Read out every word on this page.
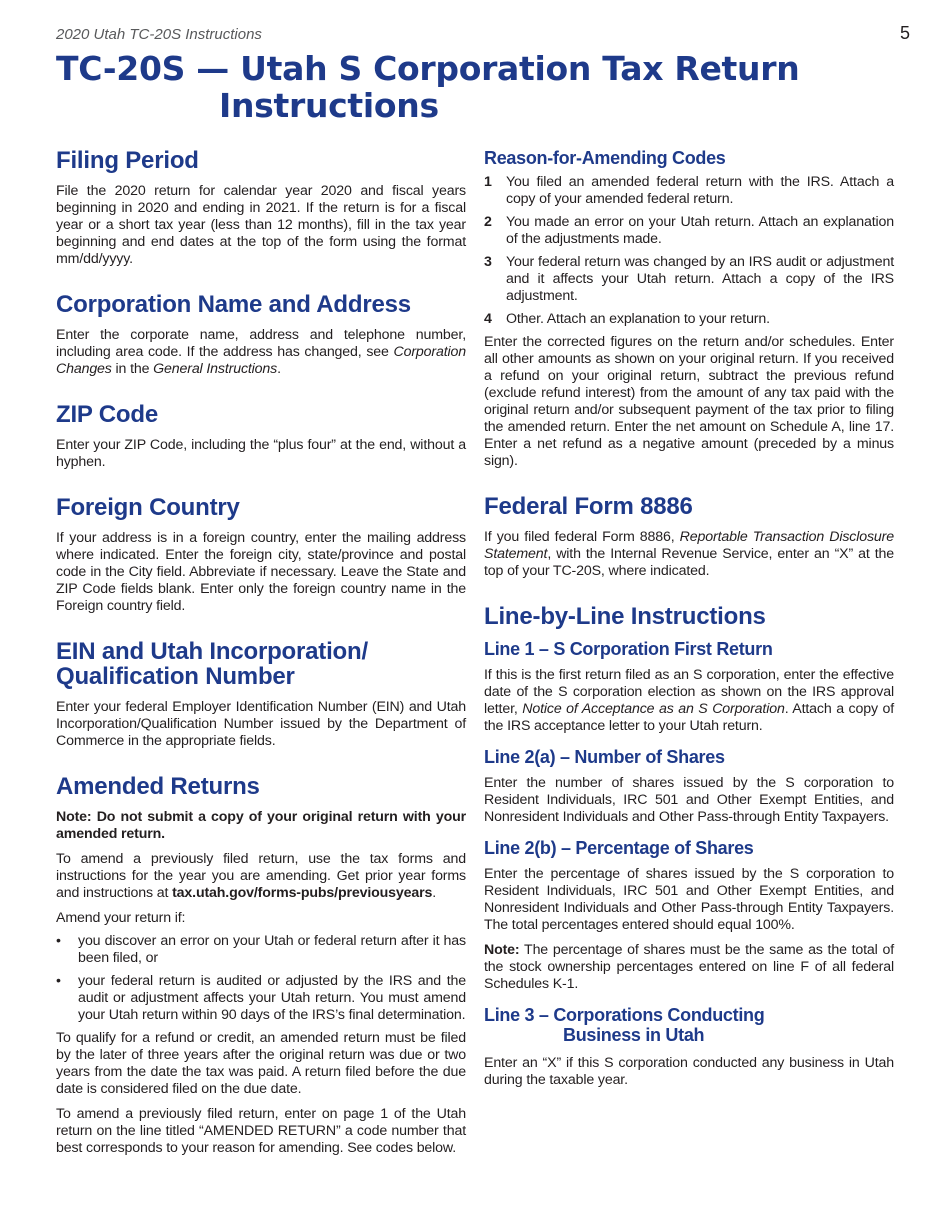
2020 Utah TC-20S Instructions	5
TC-20S — Utah S Corporation Tax Return
Instructions
Filing Period

File the 2020 return for calendar year 2020 and fiscal years beginning in 2020 and ending in 2021. If the return is for a fiscal year or a short tax year (less than 12 months), fill in the tax year beginning and end dates at the top of the form using the format mm/dd/yyyy.

Corporation Name and Address

Enter the corporate name, address and telephone number, including area code. If the address has changed, see Corporation Changes in the General Instructions.

ZIP Code

Enter your ZIP Code, including the “plus four” at the end, without a hyphen.

Foreign Country

If your address is in a foreign country, enter the mailing address where indicated. Enter the foreign city, state/province and postal code in the City field. Abbreviate if necessary. Leave the State and ZIP Code fields blank. Enter only the foreign country name in the Foreign country field.

EIN and Utah Incorporation/
Qualification Number

Enter your federal Employer Identification Number (EIN) and Utah Incorporation/Qualification Number issued by the Department of Commerce in the appropriate fields.

Amended Returns

Note: Do not submit a copy of your original return with your amended return.

To amend a previously filed return, use the tax forms and instructions for the year you are amending. Get prior year forms and instructions at tax.utah.gov/forms-pubs/previousyears.

Amend your return if:

•	you discover an error on your Utah or federal return after it has been filed, or
•	your federal return is audited or adjusted by the IRS and the audit or adjustment affects your Utah return. You must amend your Utah return within 90 days of the IRS’s final determination.

To qualify for a refund or credit, an amended return must be filed by the later of three years after the original return was due or two years from the date the tax was paid. A return filed before the due date is considered filed on the due date.

To amend a previously filed return, enter on page 1 of the Utah return on the line titled “AMENDED RETURN” a code number that best corresponds to your reason for amending. See codes below.

Reason-for-Amending Codes
1	You filed an amended federal return with the IRS. Attach a copy of your amended federal return.
2	You made an error on your Utah return. Attach an explanation of the adjustments made.
3	Your federal return was changed by an IRS audit or adjustment and it affects your Utah return. Attach a copy of the IRS adjustment.
4	Other. Attach an explanation to your return.

Enter the corrected figures on the return and/or schedules. Enter all other amounts as shown on your original return. If you received a refund on your original return, subtract the previous refund (exclude refund interest) from the amount of any tax paid with the original return and/or subsequent payment of the tax prior to filing the amended return. Enter the net amount on Schedule A, line 17. Enter a net refund as a negative amount (preceded by a minus sign).

Federal Form 8886

If you filed federal Form 8886, Reportable Transaction Disclosure Statement, with the Internal Revenue Service, enter an “X” at the top of your TC-20S, where indicated.

Line-by-Line Instructions
Line 1 – S Corporation First Return

If this is the first return filed as an S corporation, enter the effective date of the S corporation election as shown on the IRS approval letter, Notice of Acceptance as an S Corporation. Attach a copy of the IRS acceptance letter to your Utah return.

Line 2(a) – Number of Shares

Enter the number of shares issued by the S corporation to Resident Individuals, IRC 501 and Other Exempt Entities, and Nonresident Individuals and Other Pass-through Entity Taxpayers.

Line 2(b) – Percentage of Shares

Enter the percentage of shares issued by the S corporation to Resident Individuals, IRC 501 and Other Exempt Entities, and Nonresident Individuals and Other Pass-through Entity Taxpayers. The total percentages entered should equal 100%.

Note: The percentage of shares must be the same as the total of the stock ownership percentages entered on line F of all federal Schedules K-1.

Line 3 – Corporations Conducting
Business in Utah

Enter an “X” if this S corporation conducted any business in Utah during the taxable year.
